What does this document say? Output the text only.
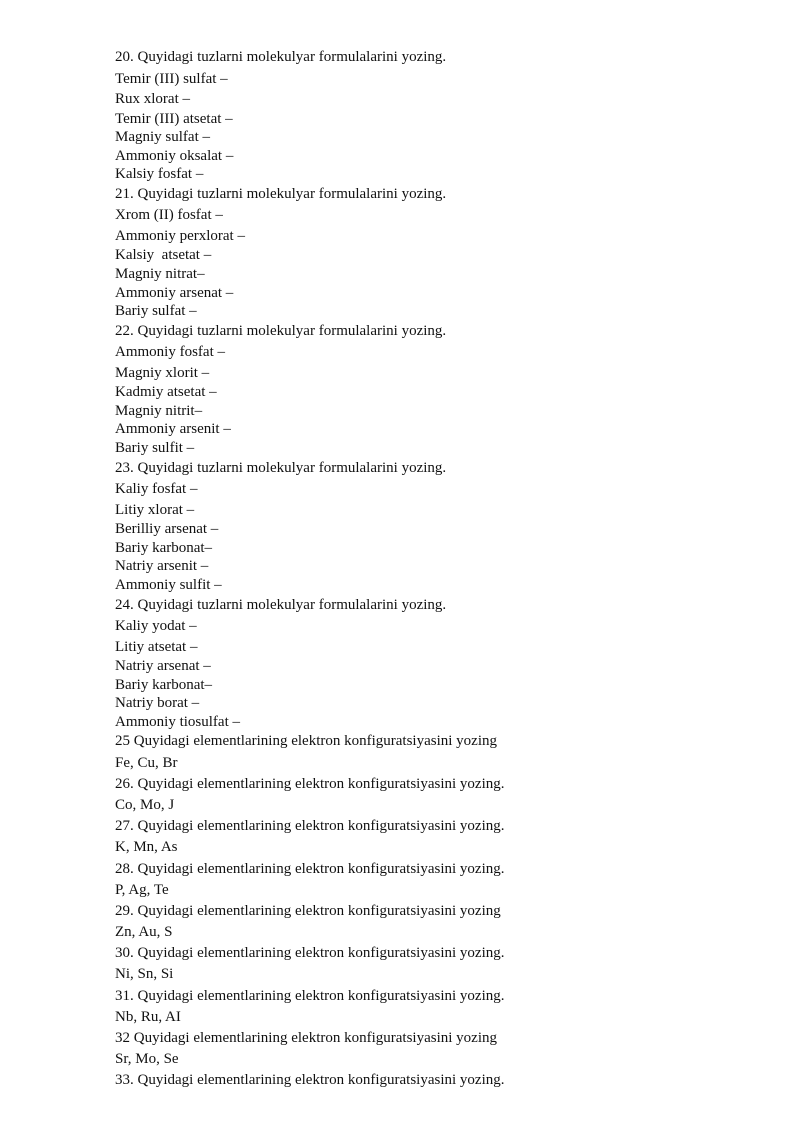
20. Quyidagi tuzlarni molekulyar formulalarini yozing.
Temir (III) sulfat –
Rux xlorat –
Temir (III) atsetat –
Magniy sulfat –
Ammoniy oksalat –
Kalsiy fosfat –
21. Quyidagi tuzlarni molekulyar formulalarini yozing.
Xrom (II) fosfat –
Ammoniy perxlorat –
Kalsiy  atsetat –
Magniy nitrat–
Ammoniy arsenat –
Bariy sulfat –
22. Quyidagi tuzlarni molekulyar formulalarini yozing.
Ammoniy fosfat –
Magniy xlorit –
Kadmiy atsetat –
Magniy nitrit–
Ammoniy arsenit –
Bariy sulfit –
23. Quyidagi tuzlarni molekulyar formulalarini yozing.
Kaliy fosfat –
Litiy xlorat –
Berilliy arsenat –
Bariy karbonat–
Natriy arsenit –
Ammoniy sulfit –
24. Quyidagi tuzlarni molekulyar formulalarini yozing.
Kaliy yodat –
Litiy atsetat –
Natriy arsenat –
Bariy karbonat–
Natriy borat –
Ammoniy tiosulfat –
25 Quyidagi elementlarining elektron konfiguratsiyasini yozing
Fe, Cu, Br
26. Quyidagi elementlarining elektron konfiguratsiyasini yozing.
Co, Mo, J
27. Quyidagi elementlarining elektron konfiguratsiyasini yozing.
K, Mn, As
28. Quyidagi elementlarining elektron konfiguratsiyasini yozing.
P, Ag, Te
29. Quyidagi elementlarining elektron konfiguratsiyasini yozing
Zn, Au, S
30. Quyidagi elementlarining elektron konfiguratsiyasini yozing.
Ni, Sn, Si
31. Quyidagi elementlarining elektron konfiguratsiyasini yozing.
Nb, Ru, AI
32 Quyidagi elementlarining elektron konfiguratsiyasini yozing
Sr, Mo, Se
33. Quyidagi elementlarining elektron konfiguratsiyasini yozing.
